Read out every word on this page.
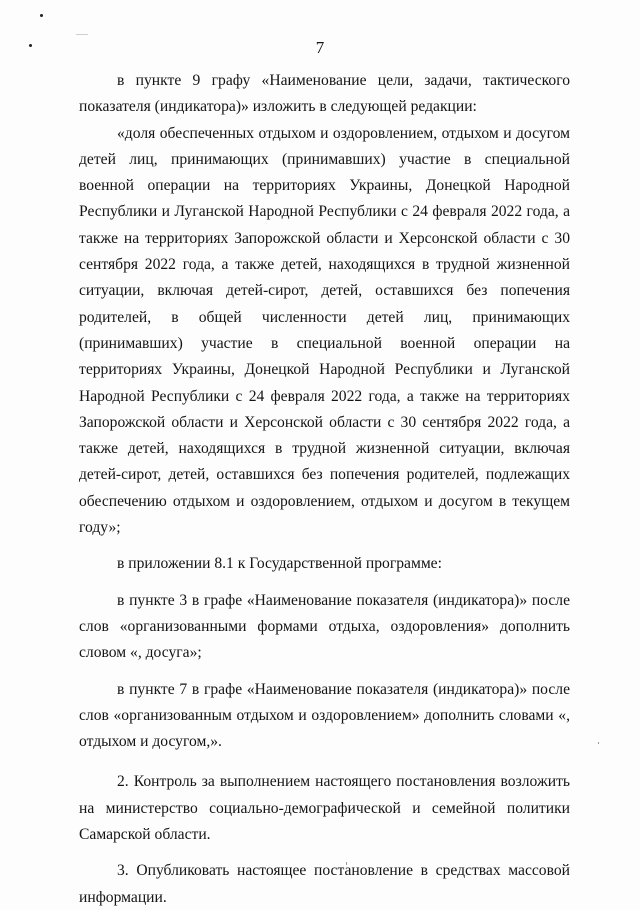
7

в пункте 9 графу «Наименование цели, задачи, тактического показателя (индикатора)» изложить в следующей редакции:

«доля обеспеченных отдыхом и оздоровлением, отдыхом и досугом детей лиц, принимающих (принимавших) участие в специальной военной операции на территориях Украины, Донецкой Народной Республики и Луганской Народной Республики с 24 февраля 2022 года, а также на территориях Запорожской области и Херсонской области с 30 сентября 2022 года, а также детей, находящихся в трудной жизненной ситуации, включая детей-сирот, детей, оставшихся без попечения родителей, в общей численности детей лиц, принимающих (принимавших) участие в специальной военной операции на территориях Украины, Донецкой Народной Республики и Луганской Народной Республики с 24 февраля 2022 года, а также на территориях Запорожской области и Херсонской области с 30 сентября 2022 года, а также детей, находящихся в трудной жизненной ситуации, включая детей-сирот, детей, оставшихся без попечения родителей, подлежащих обеспечению отдыхом и оздоровлением, отдыхом и досугом в текущем году»;

в приложении 8.1 к Государственной программе:

в пункте 3 в графе «Наименование показателя (индикатора)» после слов «организованными формами отдыха, оздоровления» дополнить словом «, досуга»;

в пункте 7 в графе «Наименование показателя (индикатора)» после слов «организованным отдыхом и оздоровлением» дополнить словами «, отдыхом и досугом,».

2. Контроль за выполнением настоящего постановления возложить на министерство социально-демографической и семейной политики Самарской области.

3. Опубликовать настоящее постановление в средствах массовой информации.
